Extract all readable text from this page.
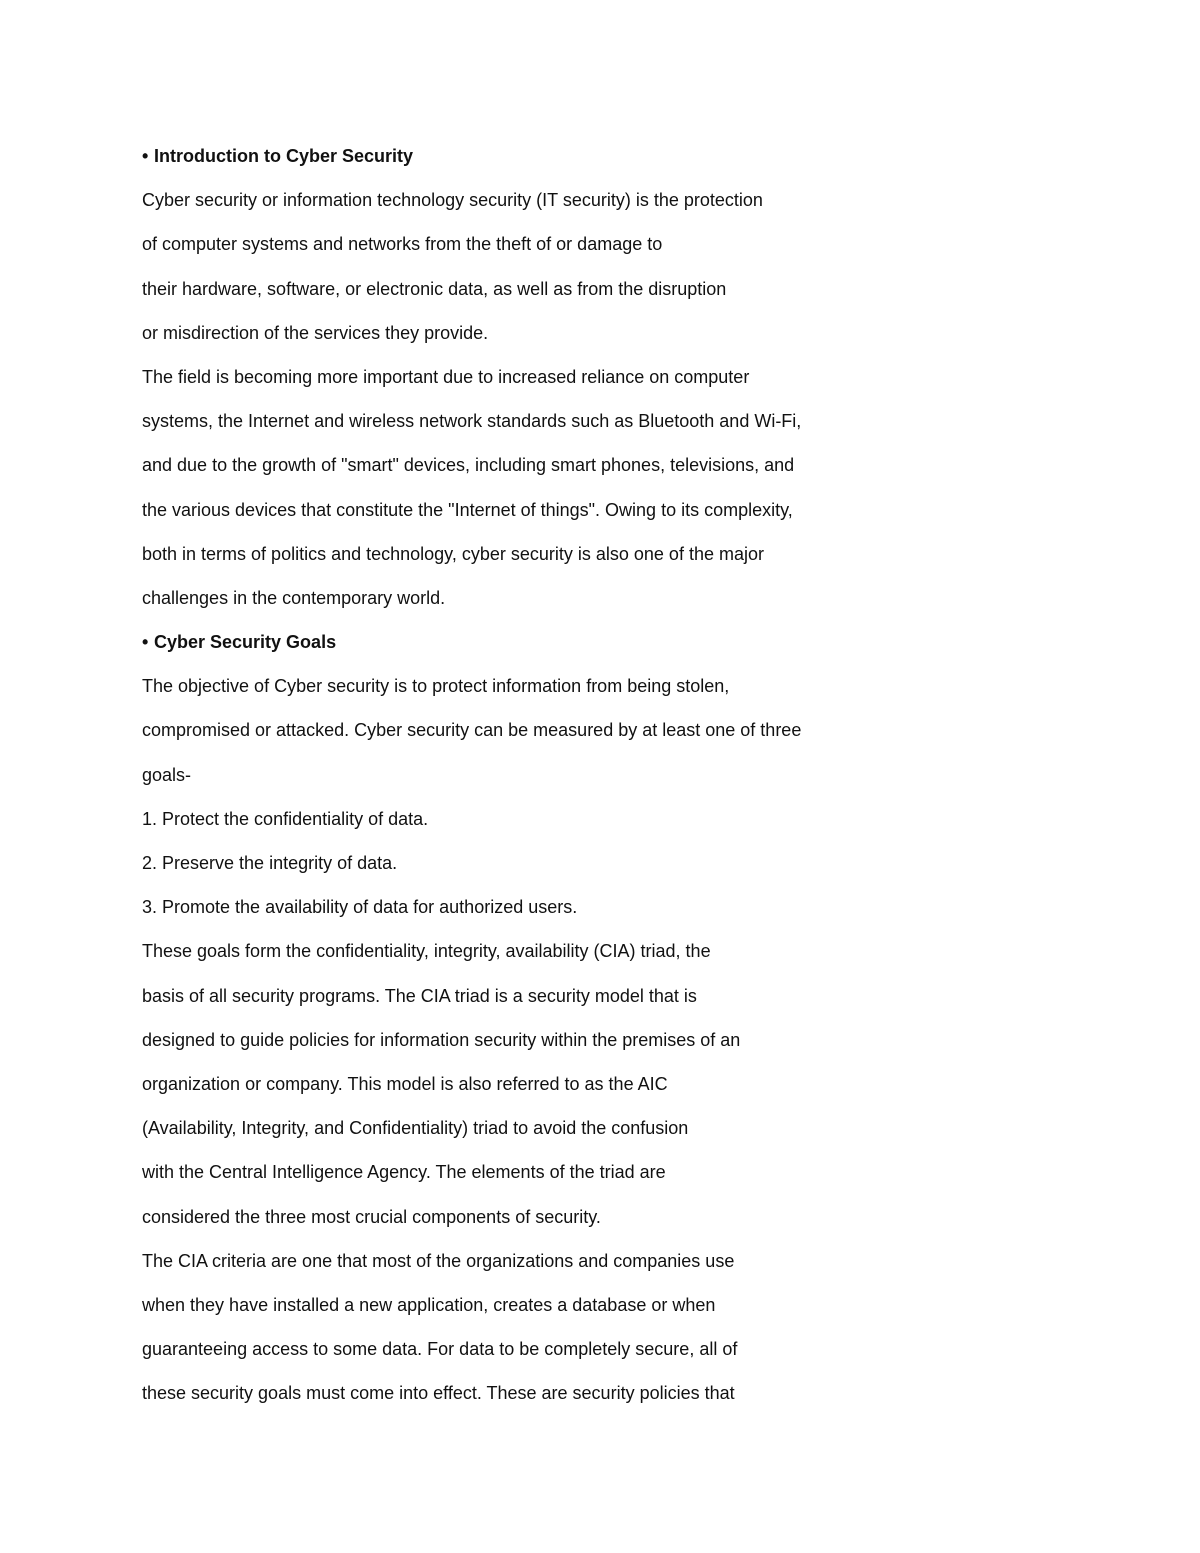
• Introduction to Cyber Security
Cyber security or information technology security (IT security) is the protection
of computer systems and networks from the theft of or damage to
their hardware, software, or electronic data, as well as from the disruption
or misdirection of the services they provide.
The field is becoming more important due to increased reliance on computer
systems, the Internet and wireless network standards such as Bluetooth and Wi-Fi,
and due to the growth of "smart" devices, including smart phones, televisions, and
the various devices that constitute the "Internet of things". Owing to its complexity,
both in terms of politics and technology, cyber security is also one of the major
challenges in the contemporary world.
• Cyber Security Goals
The objective of Cyber security is to protect information from being stolen,
compromised or attacked. Cyber security can be measured by at least one of three
goals-
1. Protect the confidentiality of data.
2. Preserve the integrity of data.
3. Promote the availability of data for authorized users.
These goals form the confidentiality, integrity, availability (CIA) triad, the
basis of all security programs. The CIA triad is a security model that is
designed to guide policies for information security within the premises of an
organization or company. This model is also referred to as the AIC
(Availability, Integrity, and Confidentiality) triad to avoid the confusion
with the Central Intelligence Agency. The elements of the triad are
considered the three most crucial components of security.
The CIA criteria are one that most of the organizations and companies use
when they have installed a new application, creates a database or when
guaranteeing access to some data. For data to be completely secure, all of
these security goals must come into effect. These are security policies that
